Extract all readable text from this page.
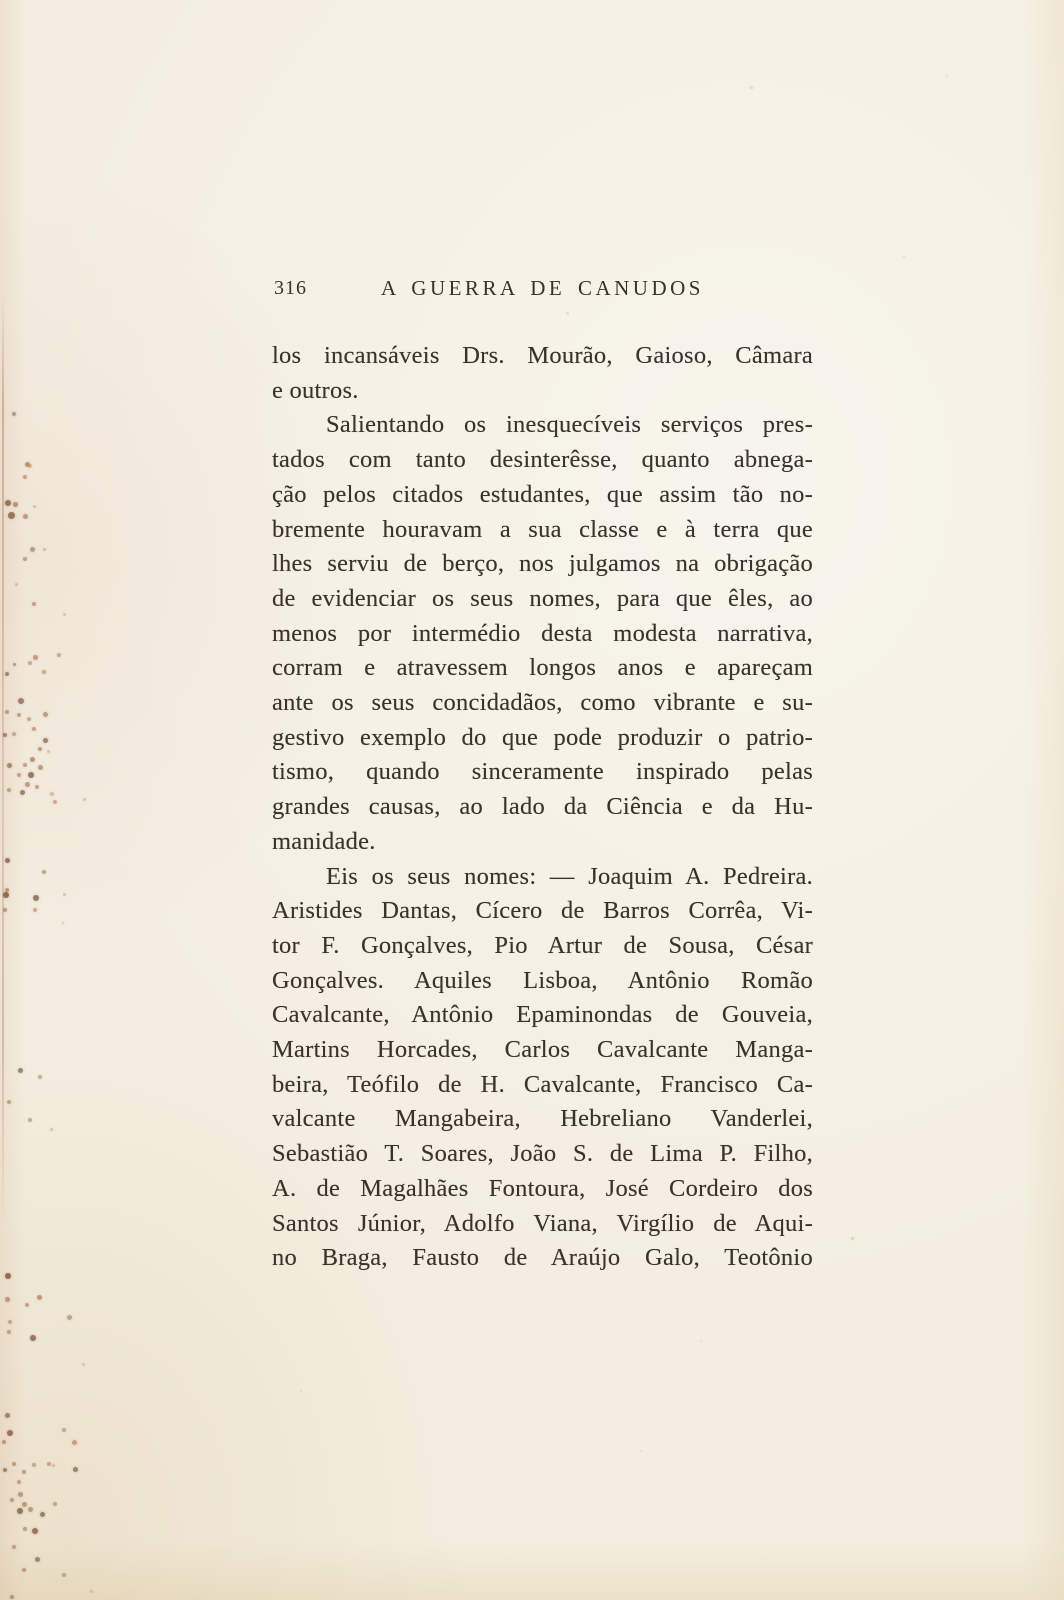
316	A GUERRA DE CANUDOS
los incansáveis Drs. Mourão, Gaioso, Câmara
e outros.
Salientando os inesquecíveis serviços pres-
tados com tanto desinterêsse, quanto abnega-
ção pelos citados estudantes, que assim tão no-
bremente houravam a sua classe e à terra que
lhes serviu de berço, nos julgamos na obrigação
de evidenciar os seus nomes, para que êles, ao
menos por intermédio desta modesta narrativa,
corram e atravessem longos anos e apareçam
ante os seus concidadãos, como vibrante e su-
gestivo exemplo do que pode produzir o patrio-
tismo, quando sinceramente inspirado pelas
grandes causas, ao lado da Ciência e da Hu-
manidade.
Eis os seus nomes: — Joaquim A. Pedreira.
Aristides Dantas, Cícero de Barros Corrêa, Vi-
tor F. Gonçalves, Pio Artur de Sousa, César
Gonçalves. Aquiles Lisboa, Antônio Romão
Cavalcante, Antônio Epaminondas de Gouveia,
Martins Horcades, Carlos Cavalcante Manga-
beira, Teófilo de H. Cavalcante, Francisco Ca-
valcante Mangabeira, Hebreliano Vanderlei,
Sebastião T. Soares, João S. de Lima P. Filho,
A. de Magalhães Fontoura, José Cordeiro dos
Santos Júnior, Adolfo Viana, Virgílio de Aqui-
no Braga, Fausto de Araújo Galo, Teotônio
